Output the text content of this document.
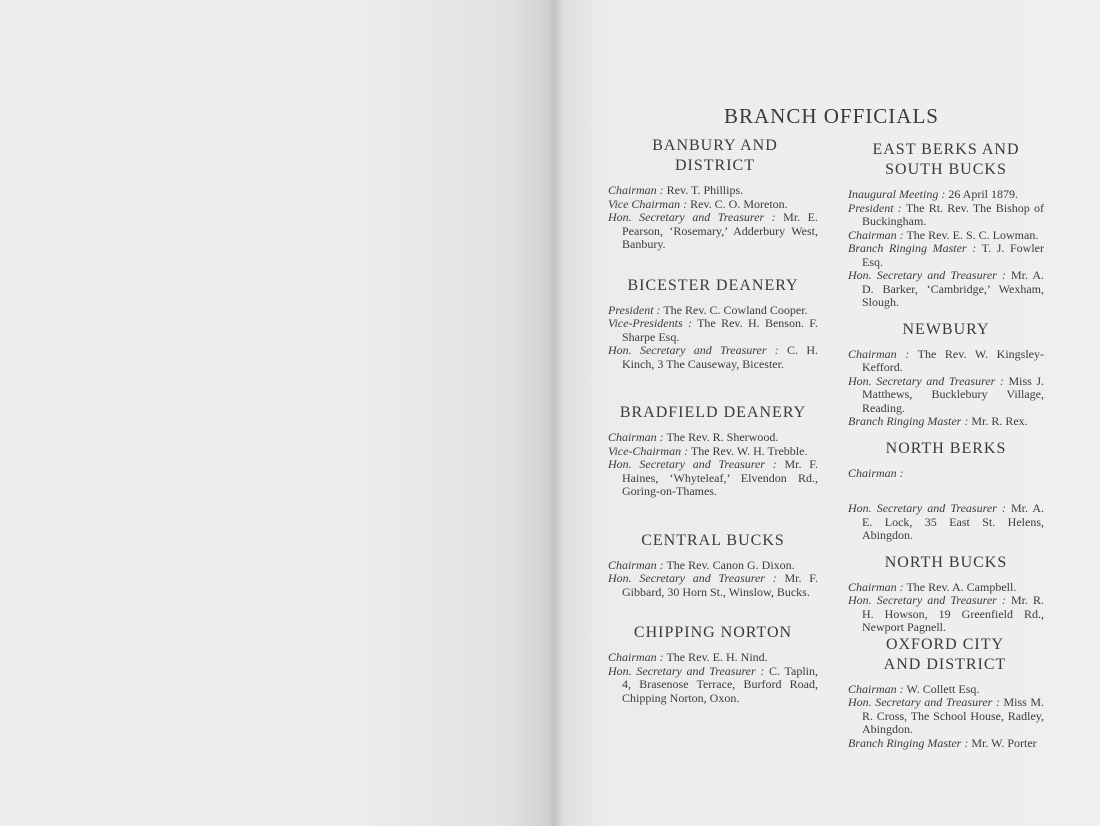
BRANCH OFFICIALS
BANBURY AND DISTRICT

Chairman : Rev. T. Phillips.

Vice Chairman : Rev. C. O. Moreton.

Hon. Secretary and Treasurer : Mr. E. Pearson, ‘Rosemary,’ Adderbury West, Banbury.

BICESTER DEANERY

President : The Rev. C. Cowland Cooper.

Vice-Presidents : The Rev. H. Benson. F. Sharpe Esq.

Hon. Secretary and Treasurer : C. H. Kinch, 3 The Causeway, Bicester.

BRADFIELD DEANERY

Chairman : The Rev. R. Sherwood.

Vice-Chairman : The Rev. W. H. Trebble.

Hon. Secretary and Treasurer : Mr. F. Haines, ‘Whyteleaf,’ Elvendon Rd., Goring-on-Thames.

CENTRAL BUCKS

Chairman : The Rev. Canon G. Dixon.

Hon. Secretary and Treasurer : Mr. F. Gibbard, 30 Horn St., Winslow, Bucks.

CHIPPING NORTON

Chairman : The Rev. E. H. Nind.

Hon. Secretary and Treasurer : C. Taplin, 4, Brasenose Terrace, Burford Road, Chipping Norton, Oxon.

EAST BERKS AND SOUTH BUCKS

Inaugural Meeting : 26 April 1879.

President : The Rt. Rev. The Bishop of Buckingham.

Chairman : The Rev. E. S. C. Lowman.

Branch Ringing Master : T. J. Fowler Esq.

Hon. Secretary and Treasurer : Mr. A. D. Barker, ‘Cambridge,’ Wexham, Slough.

NEWBURY

Chairman : The Rev. W. Kingsley-Kefford.

Hon. Secretary and Treasurer : Miss J. Matthews, Bucklebury Village, Reading.

Branch Ringing Master : Mr. R. Rex.

NORTH BERKS

Chairman :

Hon. Secretary and Treasurer : Mr. A. E. Lock, 35 East St. Helens, Abingdon.

NORTH BUCKS

Chairman : The Rev. A. Campbell.

Hon. Secretary and Treasurer : Mr. R. H. Howson, 19 Greenfield Rd., Newport Pagnell.

OXFORD CITY AND DISTRICT

Chairman : W. Collett Esq.

Hon. Secretary and Treasurer : Miss M. R. Cross, The School House, Radley, Abingdon.

Branch Ringing Master : Mr. W. Porter
